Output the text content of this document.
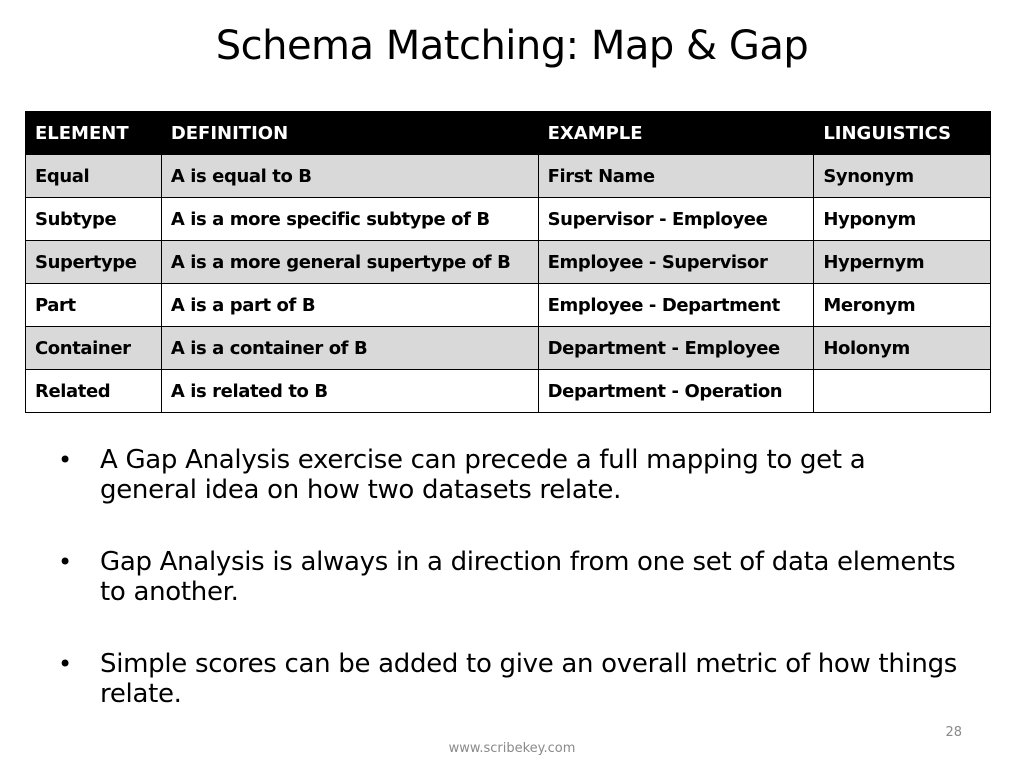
Schema Matching: Map & Gap
ELEMENT	DEFINITION	EXAMPLE	LINGUISTICS
Equal	A is equal to B	First Name	Synonym
Subtype	A is a more specific subtype of B	Supervisor - Employee	Hyponym
Supertype	A is a more general supertype of B	Employee - Supervisor	Hypernym
Part	A is a part of B	Employee - Department	Meronym
Container	A is a container of B	Department - Employee	Holonym
Related	A is related to B	Department - Operation	
• A Gap Analysis exercise can precede a full mapping to get a general idea on how two datasets relate.
• Gap Analysis is always in a direction from one set of data elements to another.
• Simple scores can be added to give an overall metric of how things relate.
28
www.scribekey.com
